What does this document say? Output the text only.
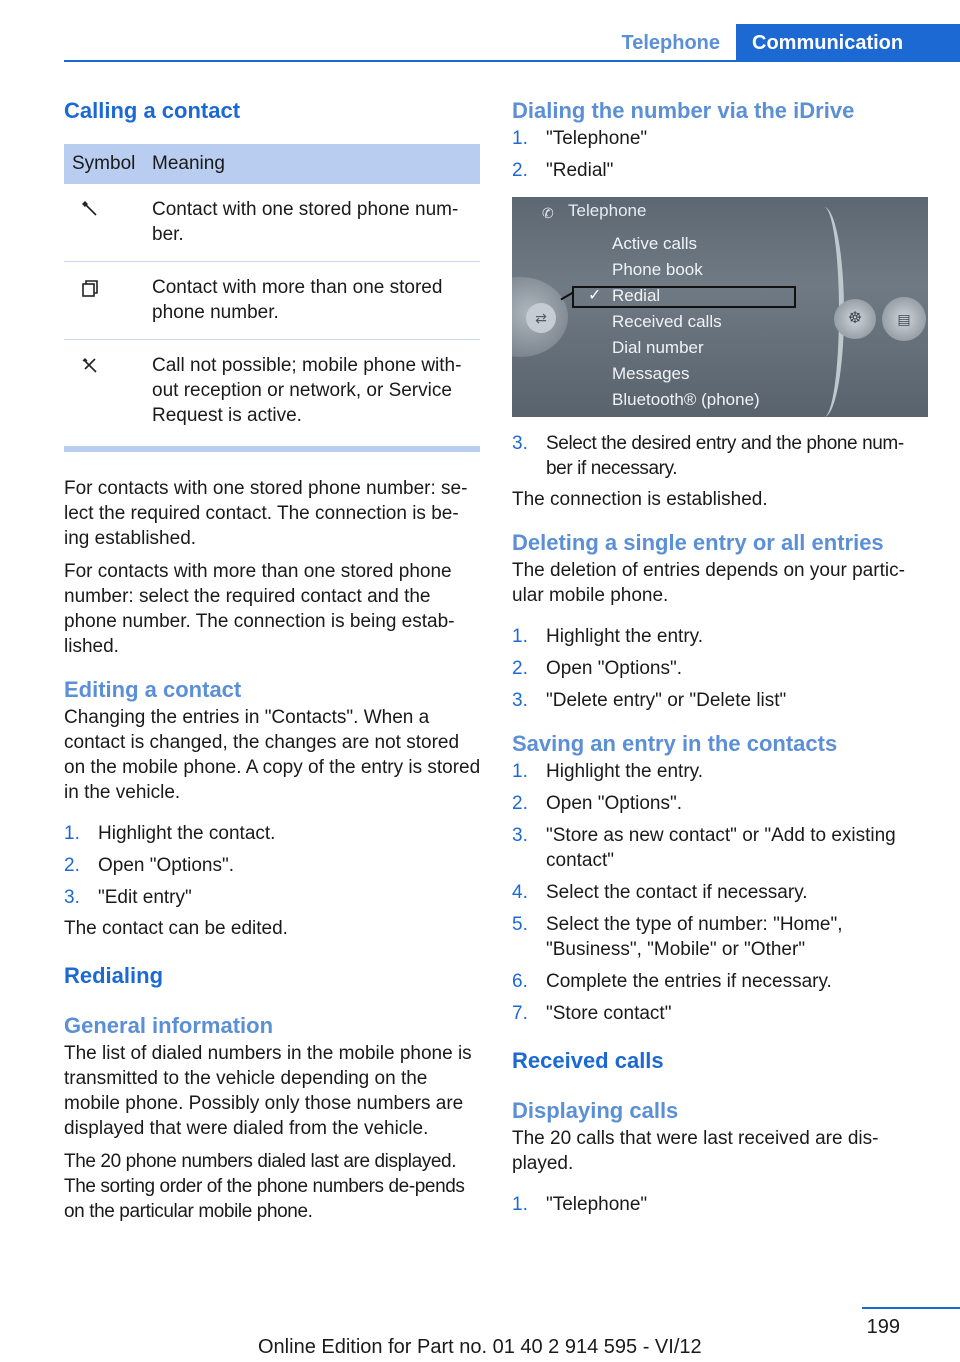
Telephone	Communication
Calling a contact
Symbol Meaning
Contact with one stored phone num-ber.
Contact with more than one stored phone number.
Call not possible; mobile phone with-out reception or network, or Service Request is active.
For contacts with one stored phone number: se-lect the required contact. The connection is be-ing established.
For contacts with more than one stored phone number: select the required contact and the phone number. The connection is being estab-lished.
Editing a contact
Changing the entries in "Contacts". When a contact is changed, the changes are not stored on the mobile phone. A copy of the entry is stored in the vehicle.
1. Highlight the contact.
2. Open "Options".
3. "Edit entry"
The contact can be edited.
Redialing
General information
The list of dialed numbers in the mobile phone is transmitted to the vehicle depending on the mobile phone. Possibly only those numbers are displayed that were dialed from the vehicle.
The 20 phone numbers dialed last are displayed. The sorting order of the phone numbers de-pends on the particular mobile phone.
Dialing the number via the iDrive
1. "Telephone"
2. "Redial"
✆ Telephone
⇄
✓
Active calls
Phone book
Redial
Received calls
Dial number
Messages
Bluetooth® (phone)
☸	▤
3. Select the desired entry and the phone num-ber if necessary.
The connection is established.
Deleting a single entry or all entries
The deletion of entries depends on your partic-ular mobile phone.
1. Highlight the entry.
2. Open "Options".
3. "Delete entry" or "Delete list"
Saving an entry in the contacts
1. Highlight the entry.
2. Open "Options".
3. "Store as new contact" or "Add to existing contact"
4. Select the contact if necessary.
5. Select the type of number: "Home", "Business", "Mobile" or "Other"
6. Complete the entries if necessary.
7. "Store contact"
Received calls
Displaying calls
The 20 calls that were last received are dis-played.
1. "Telephone"
199
Online Edition for Part no. 01 40 2 914 595 - VI/12
